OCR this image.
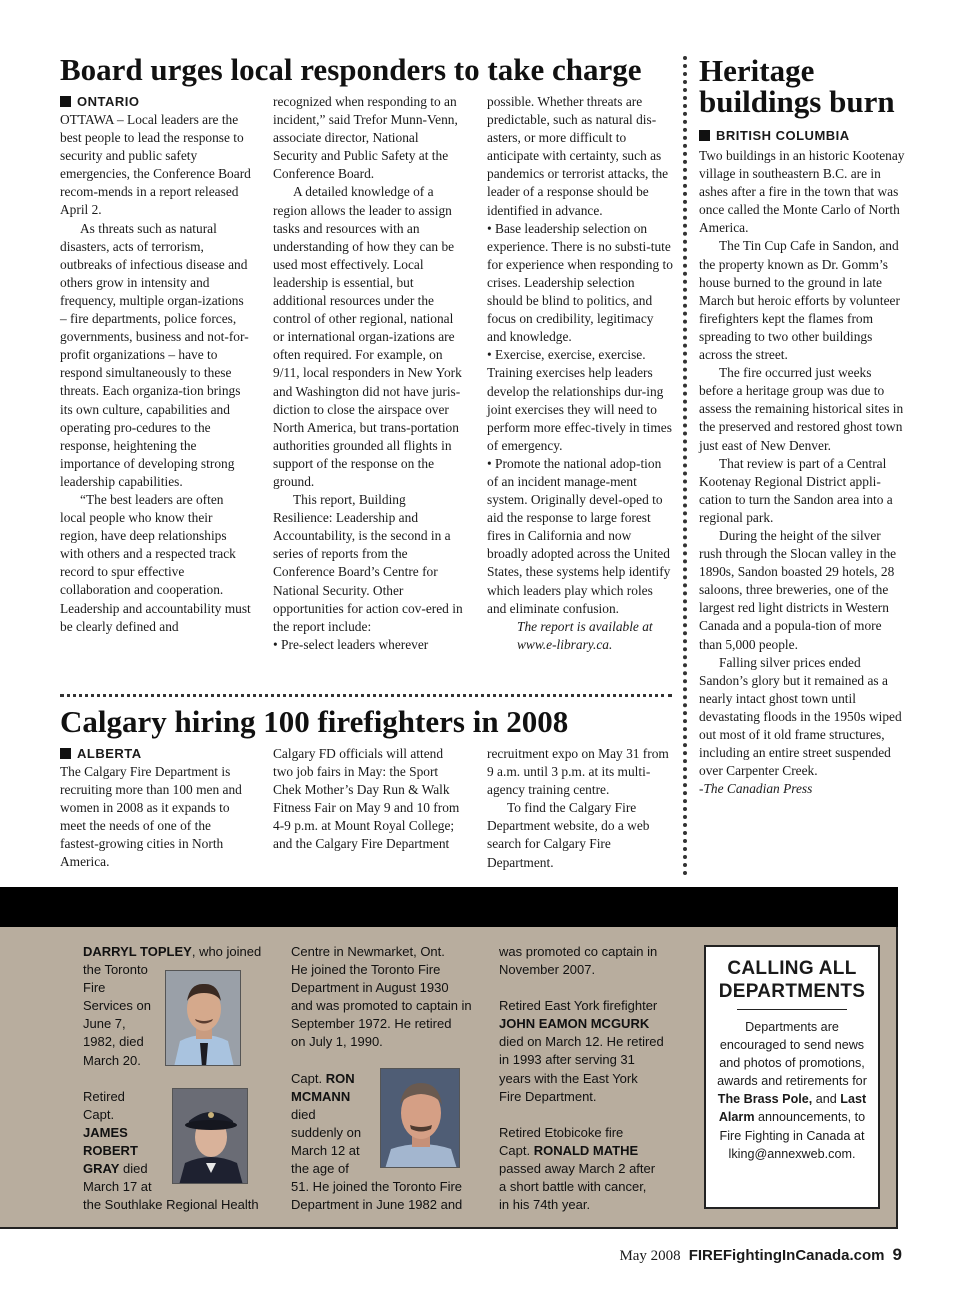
Board urges local responders to take charge
ONTARIO

OTTAWA – Local leaders are the best people to lead the response to security and public safety emergencies, the Conference Board recom-mends in a report released April 2.

As threats such as natural disasters, acts of terrorism, outbreaks of infectious disease and others grow in intensity and frequency, multiple organ-izations – fire departments, police forces, governments, business and not-for-profit organizations – have to respond simultaneously to these threats. Each organiza-tion brings its own culture, capabilities and operating pro-cedures to the response, heightening the importance of developing strong leadership capabilities.

“The best leaders are often local people who know their region, have deep relationships with others and a respected track record to spur effective collaboration and cooperation. Leadership and accountability must be clearly defined and

recognized when responding to an incident,” said Trefor Munn-Venn, associate director, National Security and Public Safety at the Conference Board.

A detailed knowledge of a region allows the leader to assign tasks and resources with an understanding of how they can be used most effectively. Local leadership is essential, but additional resources under the control of other regional, national or international organ-izations are often required. For example, on 9/11, local responders in New York and Washington did not have juris-diction to close the airspace over North America, but trans-portation authorities grounded all flights in support of the response on the ground.

This report, Building Resilience: Leadership and Accountability, is the second in a series of reports from the Conference Board’s Centre for National Security. Other opportunities for action cov-ered in the report include:

• Pre-select leaders wherever

possible. Whether threats are predictable, such as natural dis-asters, or more difficult to anticipate with certainty, such as pandemics or terrorist attacks, the leader of a response should be identified in advance.

• Base leadership selection on experience. There is no substi-tute for experience when responding to crises. Leadership selection should be blind to politics, and focus on credibility, legitimacy and knowledge.

• Exercise, exercise, exercise. Training exercises help leaders develop the relationships dur-ing joint exercises they will need to perform more effec-tively in times of emergency.

• Promote the national adop-tion of an incident manage-ment system. Originally devel-oped to aid the response to large forest fires in California and now broadly adopted across the United States, these systems help identify which leaders play which roles and eliminate confusion.

The report is available at www.e-library.ca.

Calgary hiring 100 firefighters in 2008
ALBERTA

The Calgary Fire Department is recruiting more than 100 men and women in 2008 as it expands to meet the needs of one of the fastest-growing cities in North America.

Calgary FD officials will attend two job fairs in May: the Sport Chek Mother’s Day Run & Walk Fitness Fair on May 9 and 10 from 4-9 p.m. at Mount Royal College; and the Calgary Fire Department

recruitment expo on May 31 from 9 a.m. until 3 p.m. at its multi-agency training centre.

To find the Calgary Fire Department website, do a web search for Calgary Fire Department.

Heritage
buildings burn
BRITISH COLUMBIA

Two buildings in an historic Kootenay village in southeastern B.C. are in ashes after a fire in the town that was once called the Monte Carlo of North America.

The Tin Cup Cafe in Sandon, and the property known as Dr. Gomm’s house burned to the ground in late March but heroic efforts by volunteer firefighters kept the flames from spreading to two other buildings across the street.

The fire occurred just weeks before a heritage group was due to assess the remaining historical sites in the preserved and restored ghost town just east of New Denver.

That review is part of a Central Kootenay Regional District appli-cation to turn the Sandon area into a regional park.

During the height of the silver rush through the Slocan valley in the 1890s, Sandon boasted 29 hotels, 28 saloons, three breweries, one of the largest red light districts in Western Canada and a popula-tion of more than 5,000 people.

Falling silver prices ended Sandon’s glory but it remained as a nearly intact ghost town until devastating floods in the 1950s wiped out most of it old frame structures, including an entire street suspended over Carpenter Creek.

-The Canadian Press

DARRYL TOPLEY, who joined
the Toronto
Fire
Services on
June 7,
1982, died
March 20.
Retired
Capt.
JAMES
ROBERT
GRAY died
March 17 at
the Southlake Regional Health
Centre in Newmarket, Ont.
He joined the Toronto Fire
Department in August 1930
and was promoted to captain in
September 1972. He retired
on July 1, 1990.
Capt. RON
MCMANN
died
suddenly on
March 12 at
the age of
51. He joined the Toronto Fire
Department in June 1982 and
was promoted co captain in
November 2007.
Retired East York firefighter
JOHN EAMON MCGURK
died on March 12. He retired
in 1993 after serving 31
years with the East York
Fire Department.
Retired Etobicoke fire
Capt. RONALD MATHE
passed away March 2 after
a short battle with cancer,
in his 74th year.
CALLING ALL
DEPARTMENTS
Departments are encouraged to send news and photos of promotions, awards and retirements for The Brass Pole, and Last Alarm announcements, to Fire Fighting in Canada at lking@annexweb.com.
May 2008 FIREFightingInCanada.com 9
